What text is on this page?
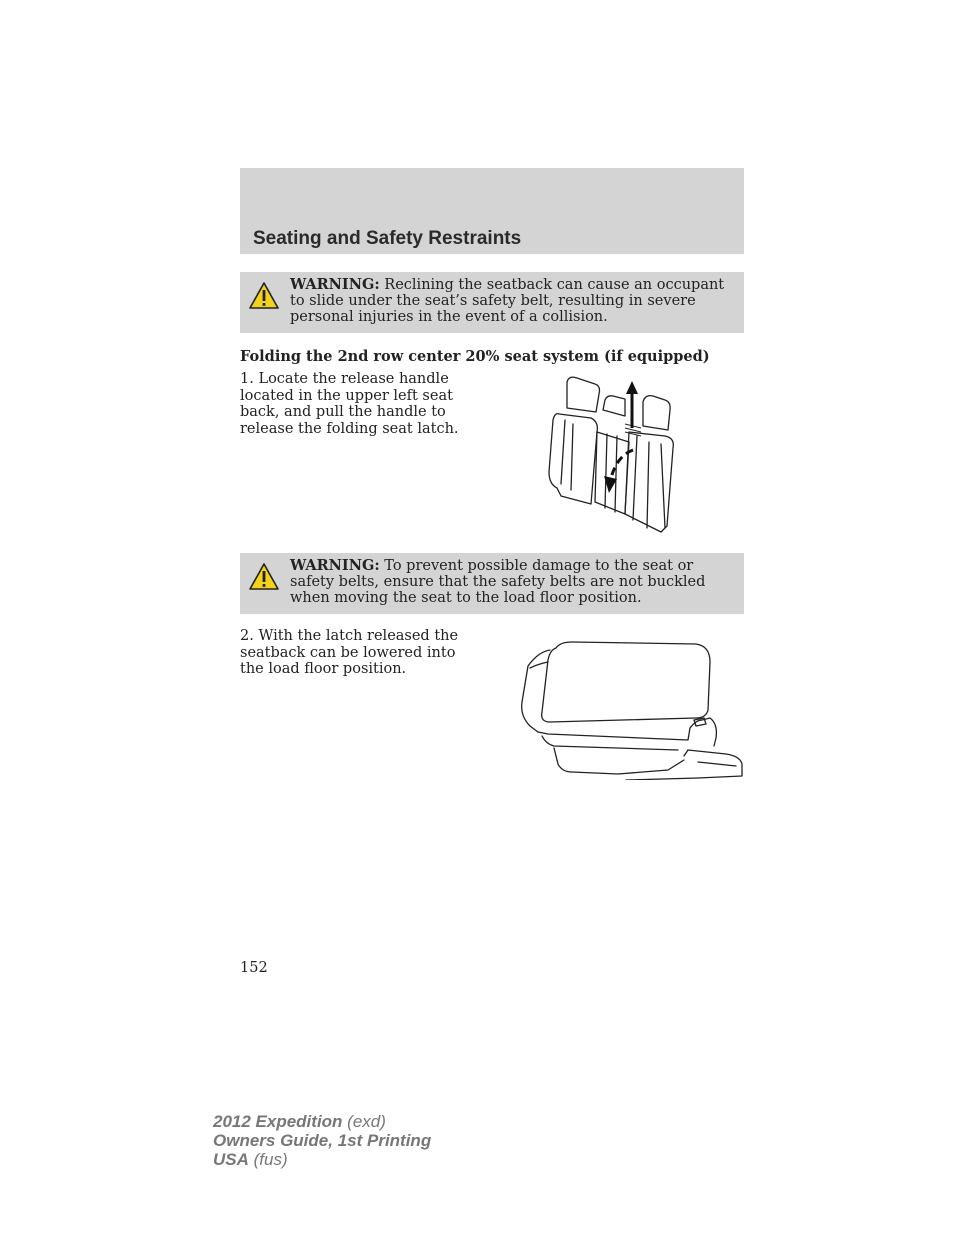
Seating and Safety Restraints
WARNING: Reclining the seatback can cause an occupant to slide under the seat’s safety belt, resulting in severe personal injuries in the event of a collision.

Folding the 2nd row center 20% seat system (if equipped)

1. Locate the release handle located in the upper left seat back, and pull the handle to release the folding seat latch.

WARNING: To prevent possible damage to the seat or safety belts, ensure that the safety belts are not buckled when moving the seat to the load floor position.

2. With the latch released the seatback can be lowered into the load floor position.

152
2012 Expedition (exd)
Owners Guide, 1st Printing
USA (fus)
